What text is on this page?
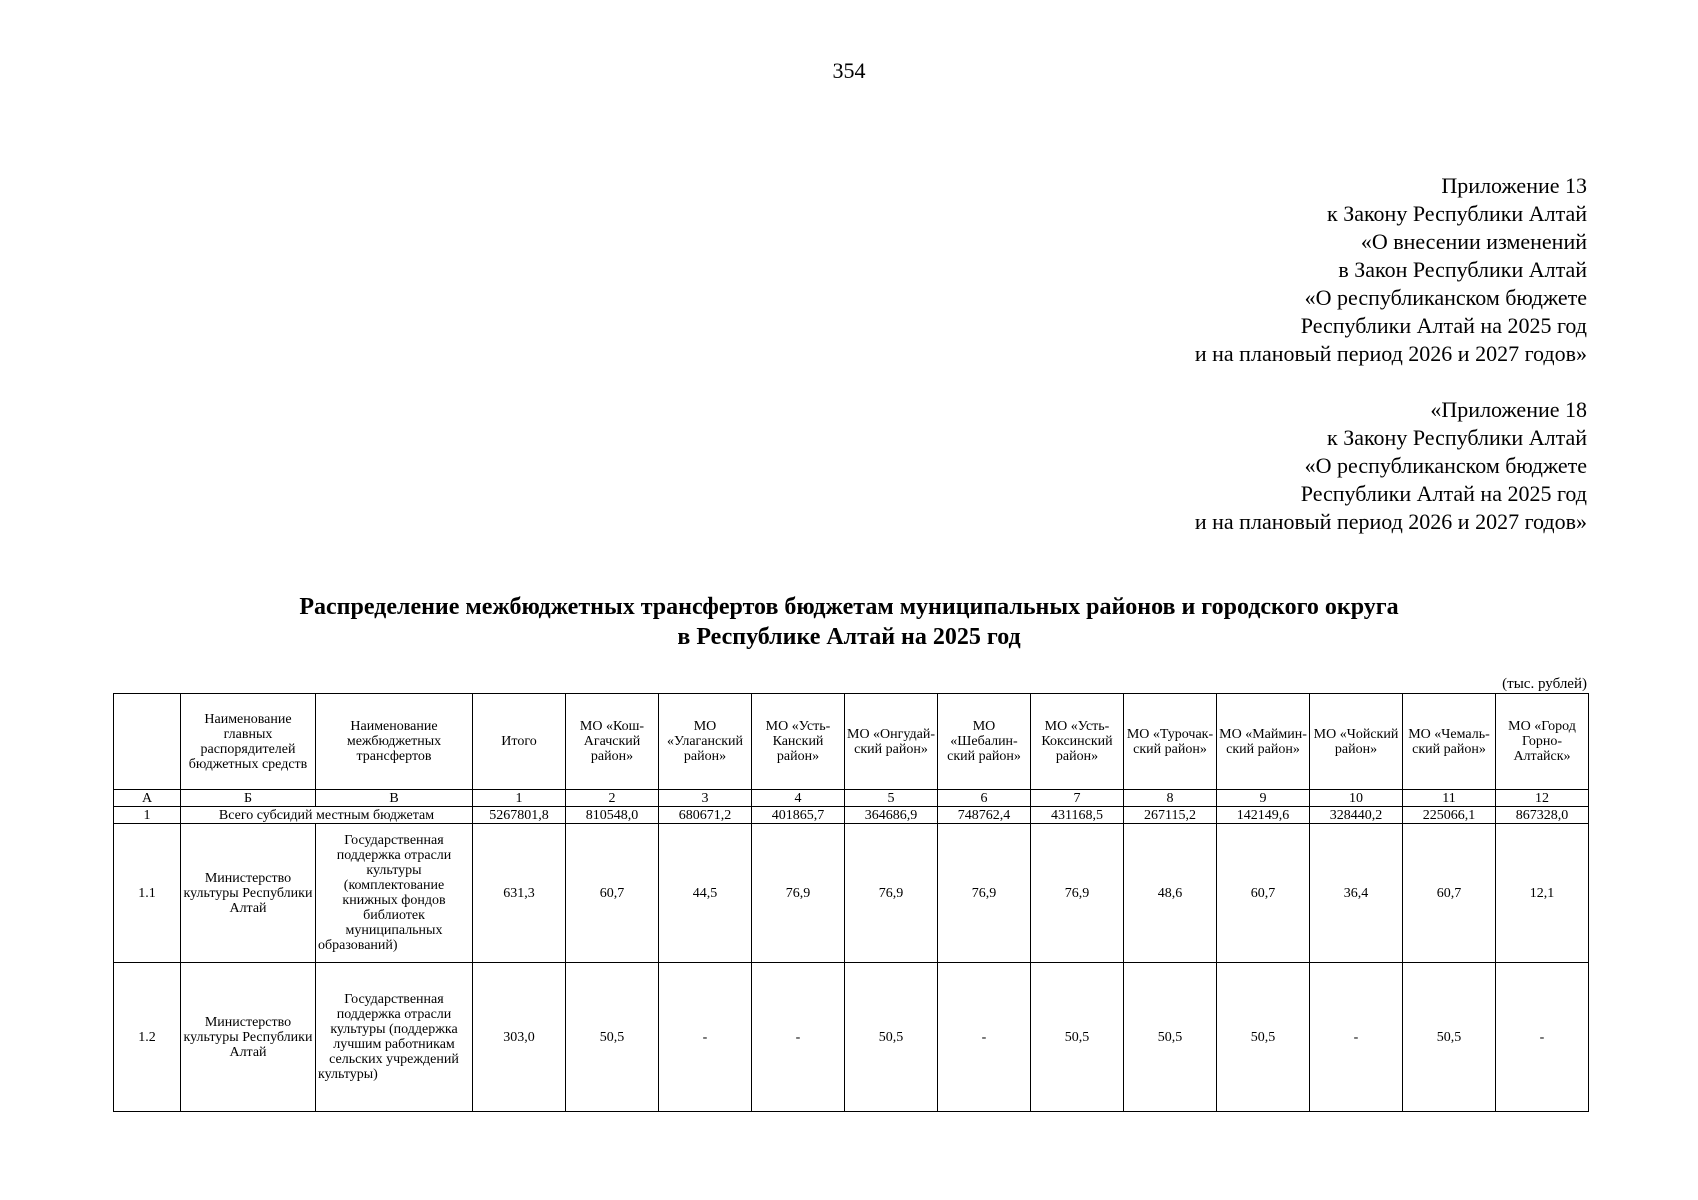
354
Приложение 13
к Закону Республики Алтай
«О внесении изменений
в Закон Республики Алтай
«О республиканском бюджете
Республики Алтай на 2025 год
и на плановый период 2026 и 2027 годов»
«Приложение 18
к Закону Республики Алтай
«О республиканском бюджете
Республики Алтай на 2025 год
и на плановый период 2026 и 2027 годов»
Распределение межбюджетных трансфертов бюджетам муниципальных районов и городского округа
в Республике Алтай на 2025 год
(тыс. рублей)
	Наименование главных распорядителей бюджетных средств	Наименование межбюджетных трансфертов	Итого	МО «Кош-Агачский район»	МО «Улаганский район»	МО «Усть-Канский район»	МО «Онгудай-ский район»	МО «Шебалин-ский район»	МО «Усть-Коксинский район»	МО «Турочак-ский район»	МО «Маймин-ский район»	МО «Чойский район»	МО «Чемаль-ский район»	МО «Город Горно-Алтайск»
А	Б	В	1	2	3	4	5	6	7	8	9	10	11	12
1	Всего субсидий местным бюджетам		5267801,8	810548,0	680671,2	401865,7	364686,9	748762,4	431168,5	267115,2	142149,6	328440,2	225066,1	867328,0
1.1	Министерство культуры Республики Алтай	Государственная поддержка отрасли культуры (комплектование книжных фондов библиотек муниципальных образований)	631,3	60,7	44,5	76,9	76,9	76,9	76,9	48,6	60,7	36,4	60,7	12,1
1.2	Министерство культуры Республики Алтай	Государственная поддержка отрасли культуры (поддержка лучшим работникам сельских учреждений культуры)	303,0	50,5	-	-	50,5	-	50,5	50,5	50,5	-	50,5	-
